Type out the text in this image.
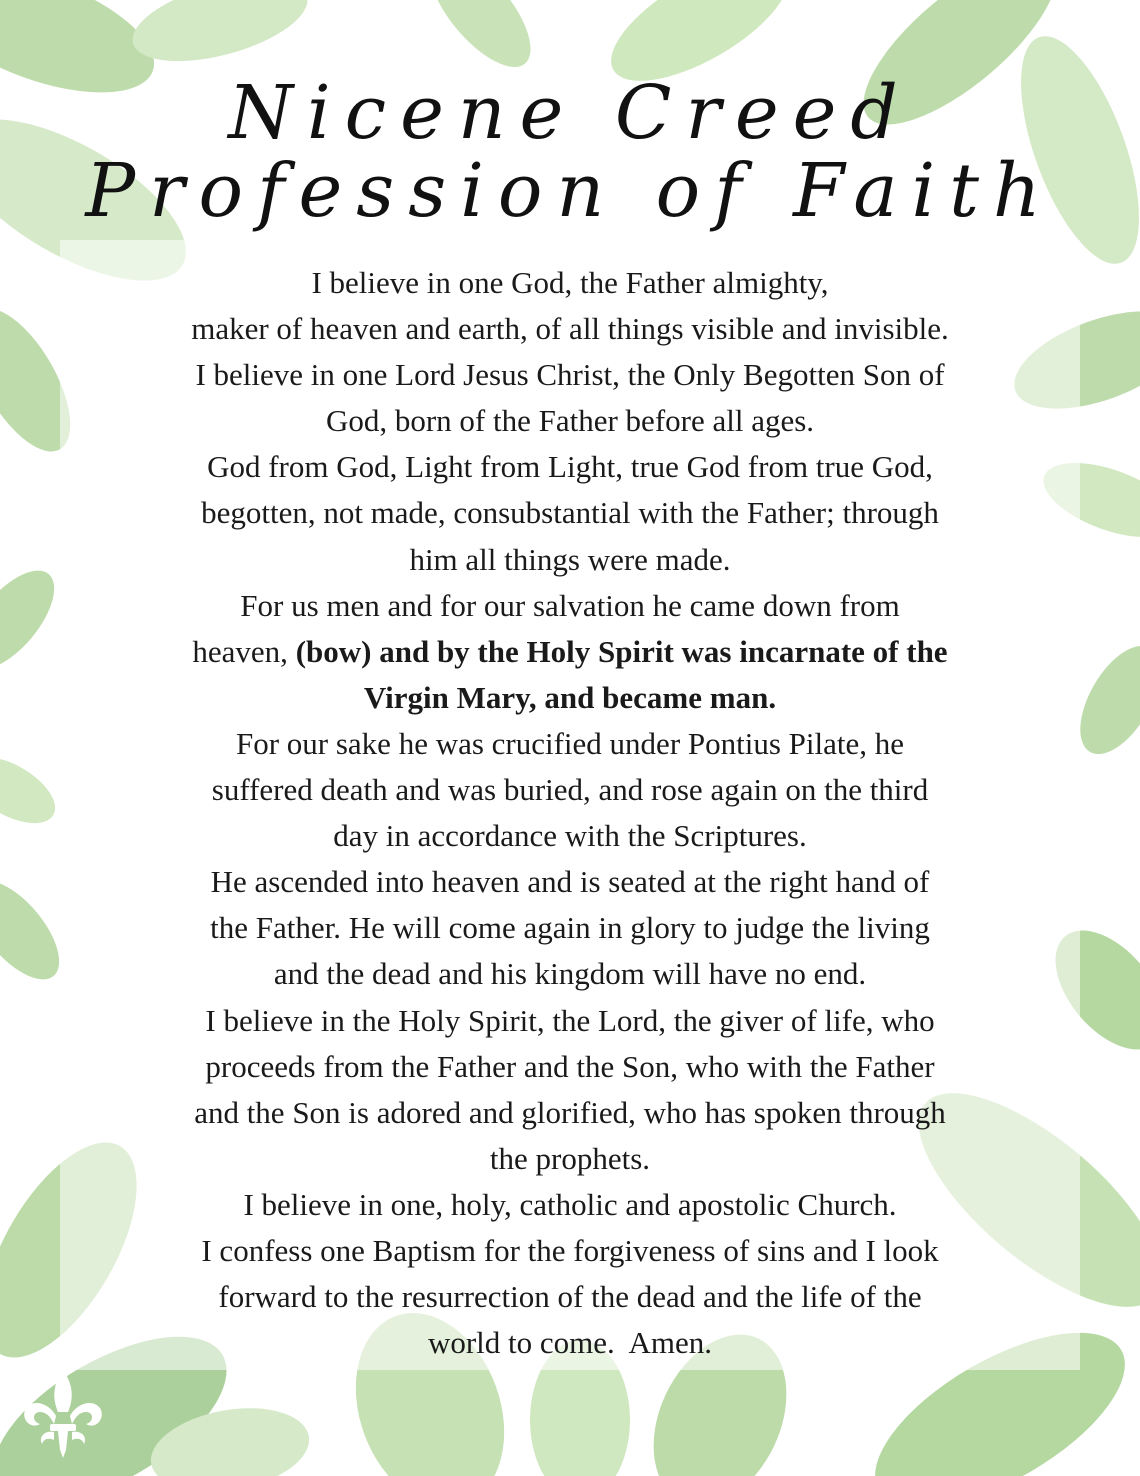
Nicene Creed
Profession of Faith
I believe in one God, the Father almighty,
maker of heaven and earth, of all things visible and invisible.
I believe in one Lord Jesus Christ, the Only Begotten Son of
God, born of the Father before all ages.
God from God, Light from Light, true God from true God,
begotten, not made, consubstantial with the Father; through
him all things were made.
For us men and for our salvation he came down from
heaven, (bow) and by the Holy Spirit was incarnate of the
Virgin Mary, and became man.
For our sake he was crucified under Pontius Pilate, he
suffered death and was buried, and rose again on the third
day in accordance with the Scriptures.
He ascended into heaven and is seated at the right hand of
the Father. He will come again in glory to judge the living
and the dead and his kingdom will have no end.
I believe in the Holy Spirit, the Lord, the giver of life, who
proceeds from the Father and the Son, who with the Father
and the Son is adored and glorified, who has spoken through
the prophets.
I believe in one, holy, catholic and apostolic Church.
I confess one Baptism for the forgiveness of sins and I look
forward to the resurrection of the dead and the life of the
world to come.  Amen.
